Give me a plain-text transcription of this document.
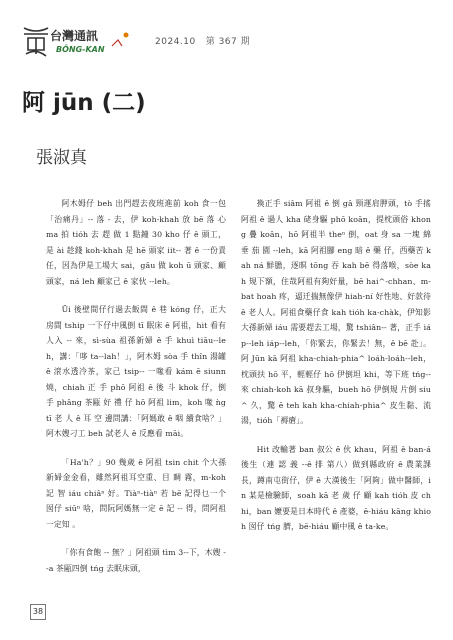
台灣通訊
BÔNG-KAN
2024.10 第 367 期
阿 jūn (二)
張淑真

阿木姆仔 beh 出門趕去夜班進前 koh 食一包「治痛丹」-- 落 - 去，伊 koh-khah 放 bē 落 心 ma 拍 tióh 去 趕 做 1 點鐘 30 kho 仔 ê 頭工，是 ài 趁錢 koh-khah 是 hē 頭家 iit-- 著 ê 一份責任，因為伊是工場大 sai，gâu 做 koh ū 頭家、顧頭家，ná leh 顧家己 ê 家伙 --leh。

Ūi 後壁間仔行過去飯間 ê 巷 kóng 仔，正大房間 tship 一下仔中風倒 tī 眠床 ê 阿祖，hit 看有人入 -- 來，sì-sùa 祖孫新婦 ê 手 khuì tiāu--leh，講：「哆 ta--lah！」，阿木姆 sòa 手 thîn 湯罐 ê 滾水透冷茶，家己 tsip-- 一喙看 kám ē siunn 燒，chiah 正 手 phō 阿祖 ê 後 斗 khok 仔，倒 手 phâng 茶甌 好 禮 仔 hō 阿祖 lim，koh 喙 ǹg tī 老 人 ê 耳 空 邊問講：「阿媽敢 ê 咽 續食啥？」阿木嫂刁工 beh 試老人 ê 反應看 māi。

「Ha'h？」90 幾歲 ê 阿祖 tsin chit 个大孫新婦金金看，雖然阿祖耳空重、目 睭 霧，m-koh 記 智 iáu chiâⁿ 好。Tiàⁿ-tiàⁿ 若 bē 記得乜一个囡仔 siūⁿ 啥，問阮阿媽無一定 ē 記 -- 得，問阿祖一定知 。

「你有食飽 -- 無？」阿祖頭 tìm 3--下，木嫂 --a 茶甌四倒 tńg 去眠床頭，

換正手 siâm 阿祖 ê 倒 gâ 頸運肩胛頭，tò 手搖阿祖 ê 過人 kha 硓身驅 phō koān，提枕頭俗 khong 疊 koân，hō 阿祖半 theⁿ 倒，oat 身 sa 一塊 綿 垂 茄 園 --leh，kā 阿祖腳 eng 暗 ê 藥 仔，西藥苦 kah ná 鮮膽，逐暝 tōng 吞 kah bē 得落喉，sòe kah 規下額，住哉阿祖有夠好量，bē hai^-chhan、m-bat hoah 疼，逼迁揣無像伊 hiah-ní 好性地、好款待 ê 老人人。阿祖食藥仔食 kah tióh ka-chàk，伊知影大孫新婦 iáu 需要趕去工場，驚 tshiân-- 著，正手 iáp--leh iáp--leh，「你緊去，你緊去！無，ê bē 赴」。阿 Jūn kā 阿祖 kha-chiah-phia^ loáh-loáh--leh，枕頭扶 hō 平，輕輕仔 hō 伊倒坦 khi，等下班 tńg-- 來 chiah-koh kā 叔身驅，bueh hō 伊倒規 片倒 siu^ 久，驚 ē teh kah kha-chiah-phia^ 皮生黏、流湯，tióh「褥瘡」。

Hit 改輸著 ban 叔公 ê 伙 khau，阿祖 ê ban-á 後生（連 認 義 --ê 排 第八）做到縣政府 ê 農業課長，蹲南屯街仔，伊 ê 大漢後生「阿夠」做中醫師，in 某是檢驗師，soah kā 老 歲 仔 顧 kah tióh 皮 chhi，ban 嬤要是日本時代 ê 產婆，ē-hiáu kāng khioh 囡仔 tńg 臍，bē-hiáu 顧中風 ê ta-ke。

38
